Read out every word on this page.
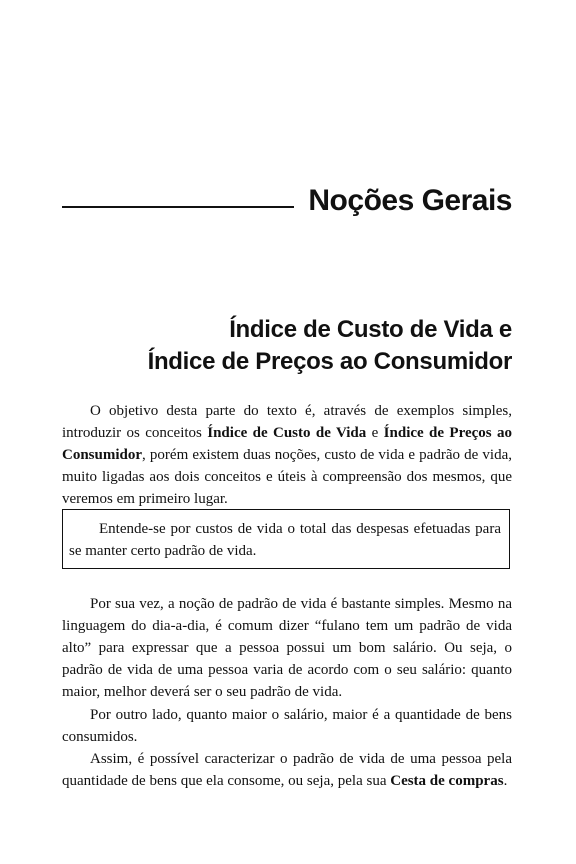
Noções Gerais
Índice de Custo de Vida e
Índice de Preços ao Consumidor

O objetivo desta parte do texto é, através de exemplos simples, introduzir os conceitos Índice de Custo de Vida e Índice de Preços ao Consumidor, porém existem duas noções, custo de vida e padrão de vida, muito ligadas aos dois conceitos e úteis à compreensão dos mesmos, que veremos em primeiro lugar.

Entende-se por custos de vida o total das despesas efetuadas para se manter certo padrão de vida.

Por sua vez, a noção de padrão de vida é bastante simples. Mesmo na linguagem do dia-a-dia, é comum dizer “fulano tem um padrão de vida alto” para expressar que a pessoa possui um bom salário. Ou seja, o padrão de vida de uma pessoa varia de acordo com o seu salário: quanto maior, melhor deverá ser o seu padrão de vida.

Por outro lado, quanto maior o salário, maior é a quantidade de bens consumidos.

Assim, é possível caracterizar o padrão de vida de uma pessoa pela quantidade de bens que ela consome, ou seja, pela sua Cesta de compras.
